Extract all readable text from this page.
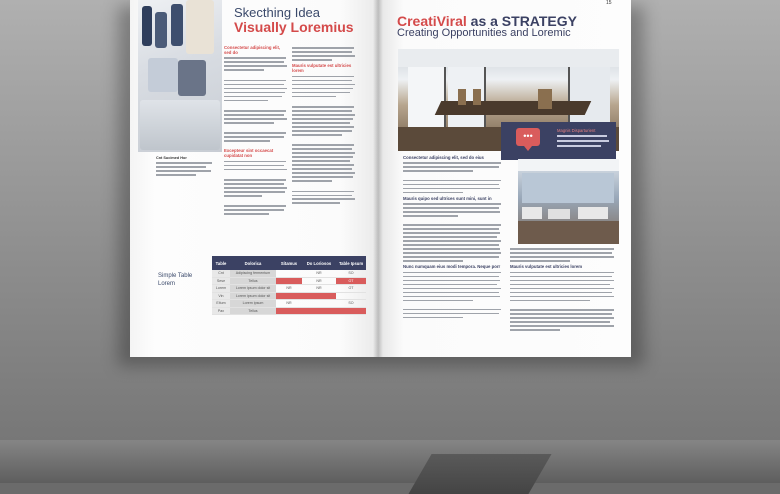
Cnt Sucimed Hor
Skecthing Idea
Visually Loremius
Consectetur adipiscing elit, sed do
Excepteur sint occaecat cupidatat non
Mauris vulputate est ultricies lorem
Simple Table
Lorem
Table	Dolorica	Sitamus	Do Loriosos	Table Ipsum
Cnt	Adipiscing fermentum		NR	SO
Sese	Tellus		NR	OT
Lorem	Lorem ipsum dolor sit	NR	NR	OT
Vin	Lorem ipsum dolor sit			
Eltum	Lorem ipsum	NR		SO
Pax	Tellus			
15
CreatiViral as a STRATEGY
Creating Opportunities and Loremic
Magnis Disparturient
•••
Consectetur adipiscing elit, sed do eius
Mauris quipo sed ultrices sunt mini, sunt in
Nunc numquam eius modi tempora. Neque porr	Mauris vulputate est ultricies lorem
